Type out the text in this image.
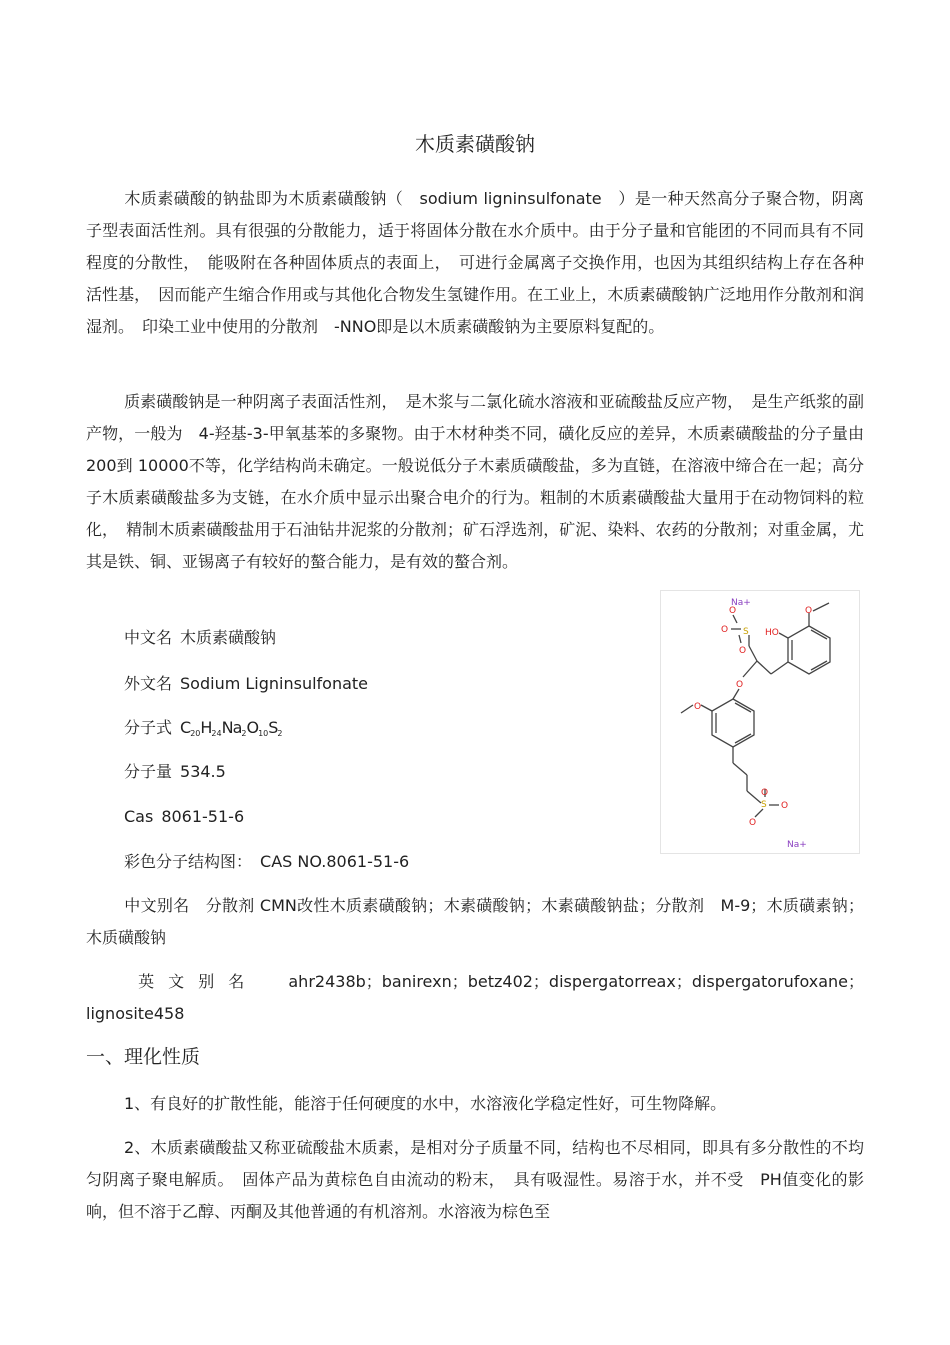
木质素磺酸钠

木质素磺酸的钠盐即为木质素磺酸钠（　sodium ligninsulfonate　）是一种天然高分子聚合物，阴离子型表面活性剂。具有很强的分散能力，适于将固体分散在水介质中。由于分子量和官能团的不同而具有不同程度的分散性，　能吸附在各种固体质点的表面上，　可进行金属离子交换作用，也因为其组织结构上存在各种活性基，　因而能产生缩合作用或与其他化合物发生氢键作用。在工业上，木质素磺酸钠广泛地用作分散剂和润湿剂。　印染工业中使用的分散剂　-NNO即是以木质素磺酸钠为主要原料复配的。

质素磺酸钠是一种阴离子表面活性剂，　是木浆与二氯化硫水溶液和亚硫酸盐反应产物，　是生产纸浆的副产物，一般为　4-羟基-3-甲氧基苯的多聚物。由于木材种类不同，磺化反应的差异，木质素磺酸盐的分子量由　200到 10000不等，化学结构尚未确定。一般说低分子木素质磺酸盐，多为直链，在溶液中缔合在一起；高分子木质素磺酸盐多为支链，在水介质中显示出聚合电介的行为。粗制的木质素磺酸盐大量用于在动物饲料的粒化，　精制木质素磺酸盐用于石油钻井泥浆的分散剂；矿石浮选剂，矿泥、染料、农药的分散剂；对重金属，尤其是铁、铜、亚锡离子有较好的螯合能力，是有效的螯合剂。

中文名 木质素磺酸钠
外文名 Sodium Ligninsulfonate
分子式 $C_{20}H_{24}Na_2O_{10}S_2$
分子量 534.5
Cas 8061-51-6
彩色分子结构图： CAS NO.8061-51-6
Na+
S
O
O
O
HO
O
O
O
S
O
O
O
Na+

中文别名　分散剂 CMN改性木质素磺酸钠；木素磺酸钠；木素磺酸钠盐；分散剂　M-9；木质磺素钠；木质磺酸钠

英文别名　ahr2438b；banirexn；betz402；dispergatorreax；dispergatorufoxane；lignosite458

一、理化性质

1、有良好的扩散性能，能溶于任何硬度的水中，水溶液化学稳定性好，可生物降解。

2、木质素磺酸盐又称亚硫酸盐木质素，是相对分子质量不同，结构也不尽相同，即具有多分散性的不均匀阴离子聚电解质。　固体产品为黄棕色自由流动的粉末，　具有吸湿性。易溶于水，并不受　PH值变化的影响，但不溶于乙醇、丙酮及其他普通的有机溶剂。水溶液为棕色至
